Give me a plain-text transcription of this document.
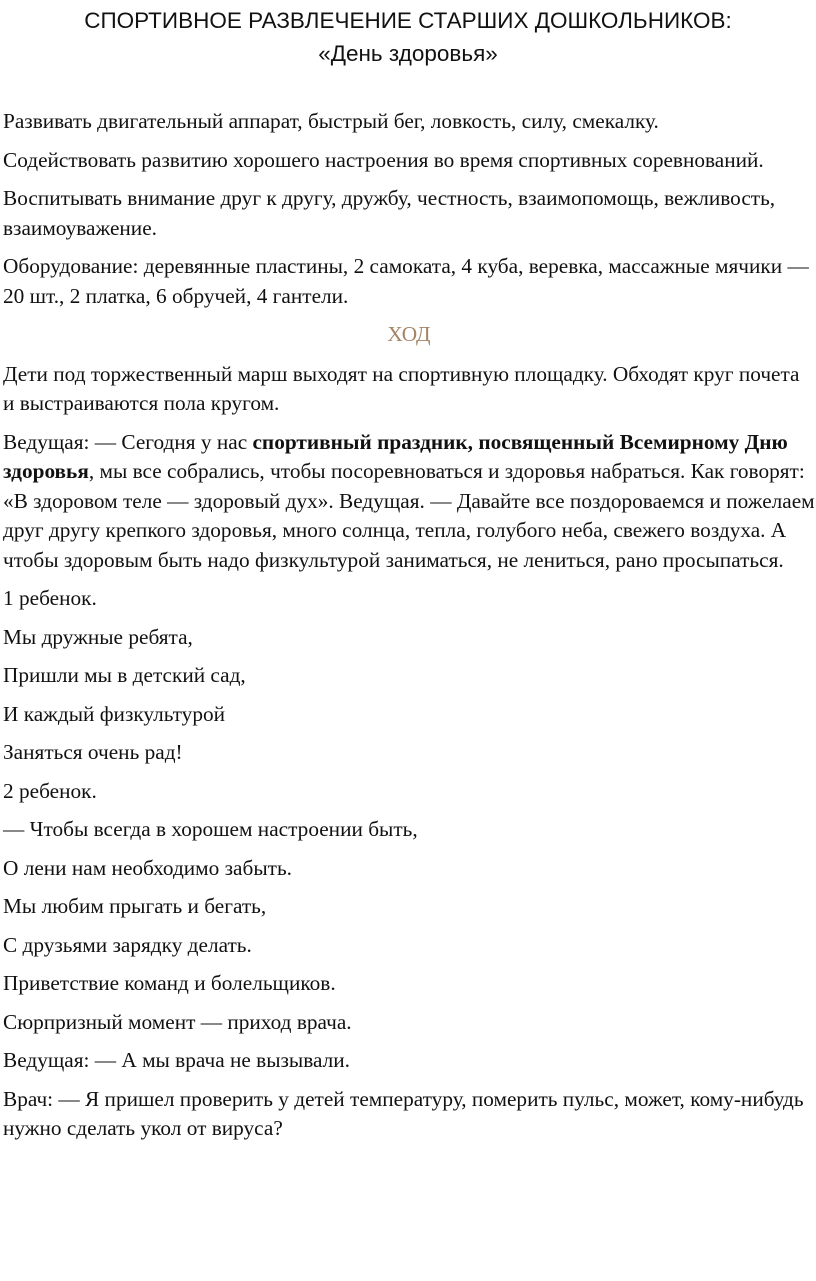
СПОРТИВНОЕ РАЗВЛЕЧЕНИЕ СТАРШИХ ДОШКОЛЬНИКОВ:
«День здоровья»

Развивать двигательный аппарат, быстрый бег, ловкость, силу, смекалку.

Содействовать развитию хорошего настроения во время спортивных соревнований.

Воспитывать внимание друг к другу, дружбу, честность, взаимопомощь, вежливость, взаимоуважение.

Оборудование: деревянные пластины, 2 самоката, 4 куба, веревка, массажные мячики — 20 шт., 2 платка, 6 обручей, 4 гантели.

ХОД

Дети под торжественный марш выходят на спортивную площадку. Обходят круг почета и выстраиваются пола кругом.

Ведущая: — Сегодня у нас спортивный праздник, посвященный Всемирному Дню здоровья, мы все собрались, чтобы посоревноваться и здоровья набраться. Как говорят: «В здоровом теле — здоровый дух». Ведущая. — Давайте все поздороваемся и пожелаем друг другу крепкого здоровья, много солнца, тепла, голубого неба, свежего воздуха. А чтобы здоровым быть надо физкультурой заниматься, не лениться, рано просыпаться.

1 ребенок.

Мы дружные ребята,

Пришли мы в детский сад,

И каждый физкультурой

Заняться очень рад!

2 ребенок.

— Чтобы всегда в хорошем настроении быть,

О лени нам необходимо забыть.

Мы любим прыгать и бегать,

С друзьями зарядку делать.

Приветствие команд и болельщиков.

Сюрпризный момент — приход врача.

Ведущая: — А мы врача не вызывали.

Врач: — Я пришел проверить у детей температуру, померить пульс, может, кому-нибудь нужно сделать укол от вируса?
